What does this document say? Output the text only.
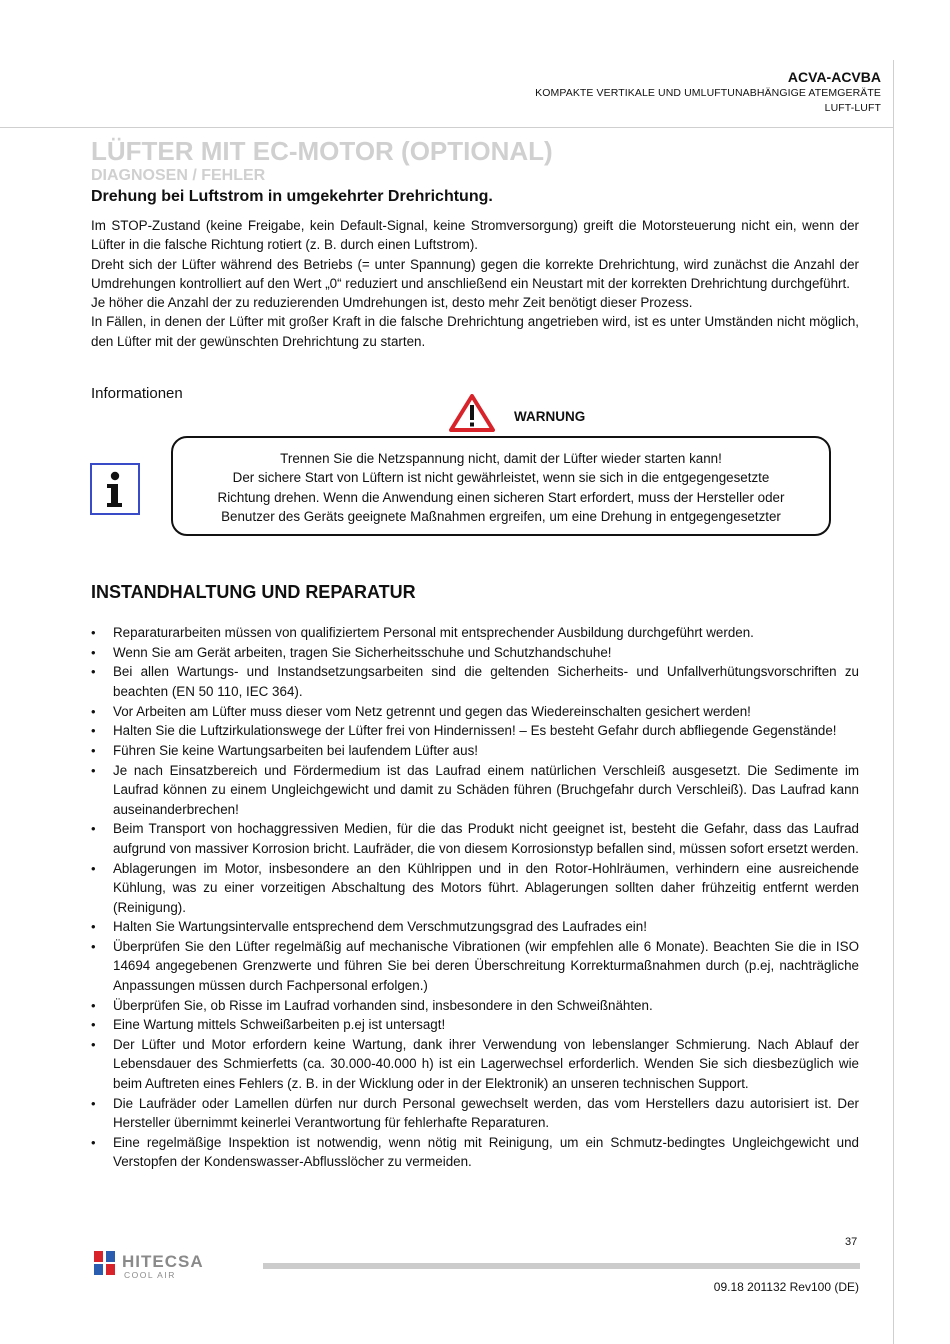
ACVA-ACVBA
KOMPAKTE VERTIKALE UND UMLUFTUNABHÄNGIGE ATEMGERÄTE
LUFT-LUFT
LÜFTER MIT EC-MOTOR (OPTIONAL)
DIAGNOSEN / FEHLER
Drehung bei Luftstrom in umgekehrter Drehrichtung.

Im STOP-Zustand (keine Freigabe, kein Default-Signal, keine Stromversorgung) greift die Motorsteuerung nicht ein, wenn der Lüfter in die falsche Richtung rotiert (z. B. durch einen Luftstrom).

Dreht sich der Lüfter während des Betriebs (= unter Spannung) gegen die korrekte Drehrichtung, wird zunächst die Anzahl der Umdrehungen kontrolliert auf den Wert „0“ reduziert und anschließend ein Neustart mit der korrekten Drehrichtung durchgeführt.

Je höher die Anzahl der zu reduzierenden Umdrehungen ist, desto mehr Zeit benötigt dieser Prozess.

In Fällen, in denen der Lüfter mit großer Kraft in die falsche Drehrichtung angetrieben wird, ist es unter Umständen nicht möglich, den Lüfter mit der gewünschten Drehrichtung zu starten.

Informationen
WARNUNG
Trennen Sie die Netzspannung nicht, damit der Lüfter wieder starten kann!
Der sichere Start von Lüftern ist nicht gewährleistet, wenn sie sich in die entgegengesetzte
Richtung drehen. Wenn die Anwendung einen sicheren Start erfordert, muss der Hersteller oder
Benutzer des Geräts geeignete Maßnahmen ergreifen, um eine Drehung in entgegengesetzter
INSTANDHALTUNG UND REPARATUR
• Reparaturarbeiten müssen von qualifiziertem Personal mit entsprechender Ausbildung durchgeführt werden.
• Wenn Sie am Gerät arbeiten, tragen Sie Sicherheitsschuhe und Schutzhandschuhe!
• Bei allen Wartungs- und Instandsetzungsarbeiten sind die geltenden Sicherheits- und Unfallverhütungsvorschriften zu beachten (EN 50 110, IEC 364).
• Vor Arbeiten am Lüfter muss dieser vom Netz getrennt und gegen das Wiedereinschalten gesichert werden!
• Halten Sie die Luftzirkulationswege der Lüfter frei von Hindernissen! – Es besteht Gefahr durch abfliegende Gegenstände!
• Führen Sie keine Wartungsarbeiten bei laufendem Lüfter aus!
• Je nach Einsatzbereich und Fördermedium ist das Laufrad einem natürlichen Verschleiß ausgesetzt. Die Sedimente im Laufrad können zu einem Ungleichgewicht und damit zu Schäden führen (Bruchgefahr durch Verschleiß). Das Laufrad kann auseinanderbrechen!
• Beim Transport von hochaggressiven Medien, für die das Produkt nicht geeignet ist, besteht die Gefahr, dass das Laufrad aufgrund von massiver Korrosion bricht. Laufräder, die von diesem Korrosionstyp befallen sind, müssen sofort ersetzt werden.
• Ablagerungen im Motor, insbesondere an den Kühlrippen und in den Rotor-Hohlräumen, verhindern eine ausreichende Kühlung, was zu einer vorzeitigen Abschaltung des Motors führt. Ablagerungen sollten daher frühzeitig entfernt werden (Reinigung).
• Halten Sie Wartungsintervalle entsprechend dem Verschmutzungsgrad des Laufrades ein!
• Überprüfen Sie den Lüfter regelmäßig auf mechanische Vibrationen (wir empfehlen alle 6 Monate). Beachten Sie die in ISO 14694 angegebenen Grenzwerte und führen Sie bei deren Überschreitung Korrekturmaßnahmen durch (p.ej, nachträgliche Anpassungen müssen durch Fachpersonal erfolgen.)
• Überprüfen Sie, ob Risse im Laufrad vorhanden sind, insbesondere in den Schweißnähten.
• Eine Wartung mittels Schweißarbeiten p.ej ist untersagt!
• Der Lüfter und Motor erfordern keine Wartung, dank ihrer Verwendung von lebenslanger Schmierung. Nach Ablauf der Lebensdauer des Schmierfetts (ca. 30.000-40.000 h) ist ein Lagerwechsel erforderlich. Wenden Sie sich diesbezüglich wie beim Auftreten eines Fehlers (z. B. in der Wicklung oder in der Elektronik) an unseren technischen Support.
• Die Laufräder oder Lamellen dürfen nur durch Personal gewechselt werden, das vom Herstellers dazu autorisiert ist. Der Hersteller übernimmt keinerlei Verantwortung für fehlerhafte Reparaturen.
• Eine regelmäßige Inspektion ist notwendig, wenn nötig mit Reinigung, um ein Schmutz-bedingtes Ungleichgewicht und Verstopfen der Kondenswasser-Abflusslöcher zu vermeiden.
37
HITECSA
COOL AIR
09.18 201132 Rev100 (DE)
